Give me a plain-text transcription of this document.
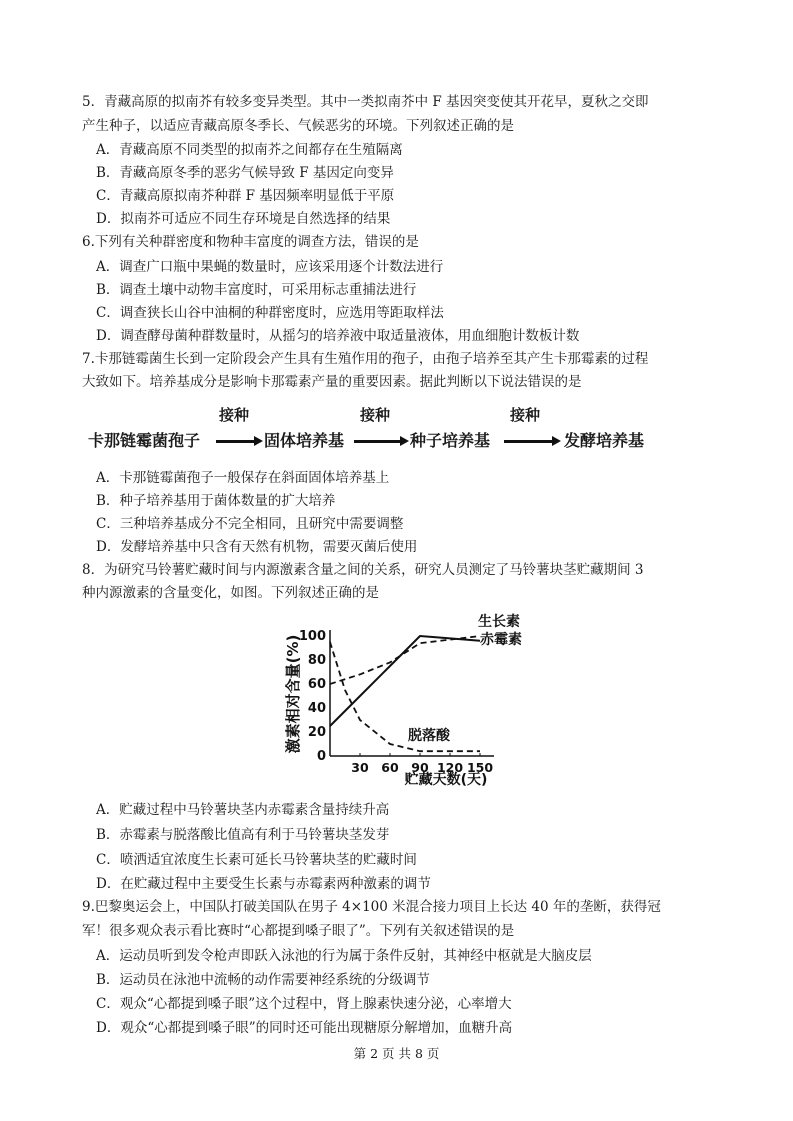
5．青藏高原的拟南芥有较多变异类型。其中一类拟南芥中 F 基因突变使其开花早，夏秋之交即
产生种子，以适应青藏高原冬季长、气候恶劣的环境。下列叙述正确的是
A．青藏高原不同类型的拟南芥之间都存在生殖隔离
B．青藏高原冬季的恶劣气候导致 F 基因定向变异
C．青藏高原拟南芥种群 F 基因频率明显低于平原
D．拟南芥可适应不同生存环境是自然选择的结果
6.下列有关种群密度和物种丰富度的调查方法，错误的是
A．调查广口瓶中果蝇的数量时，应该采用逐个计数法进行
B．调查土壤中动物丰富度时，可采用标志重捕法进行
C．调查狭长山谷中油桐的种群密度时，应选用等距取样法
D．调查酵母菌种群数量时，从摇匀的培养液中取适量液体，用血细胞计数板计数
7.卡那链霉菌生长到一定阶段会产生具有生殖作用的孢子，由孢子培养至其产生卡那霉素的过程
大致如下。培养基成分是影响卡那霉素产量的重要因素。据此判断以下说法错误的是
卡那链霉菌孢子
接种
固体培养基
接种
种子培养基
接种
发酵培养基
A．卡那链霉菌孢子一般保存在斜面固体培养基上
B．种子培养基用于菌体数量的扩大培养
C．三种培养基成分不完全相同，且研究中需要调整
D．发酵培养基中只含有天然有机物，需要灭菌后使用
8．为研究马铃薯贮藏时间与内源激素含量之间的关系，研究人员测定了马铃薯块茎贮藏期间 3
种内源激素的含量变化，如图。下列叙述正确的是
0
20
40
60
80
100
30 60 90 120 150
激素相对含量(%)
贮藏天数(天)
生长素
赤霉素
脱落酸
A．贮藏过程中马铃薯块茎内赤霉素含量持续升高
B．赤霉素与脱落酸比值高有利于马铃薯块茎发芽
C．喷洒适宜浓度生长素可延长马铃薯块茎的贮藏时间
D．在贮藏过程中主要受生长素与赤霉素两种激素的调节
9.巴黎奥运会上，中国队打破美国队在男子 4×100 米混合接力项目上长达 40 年的垄断，获得冠
军！很多观众表示看比赛时“心都提到嗓子眼了”。下列有关叙述错误的是
A．运动员听到发令枪声即跃入泳池的行为属于条件反射，其神经中枢就是大脑皮层
B．运动员在泳池中流畅的动作需要神经系统的分级调节
C．观众“心都提到嗓子眼”这个过程中，肾上腺素快速分泌，心率增大
D．观众“心都提到嗓子眼”的同时还可能出现糖原分解增加，血糖升高
第 2 页 共 8 页
